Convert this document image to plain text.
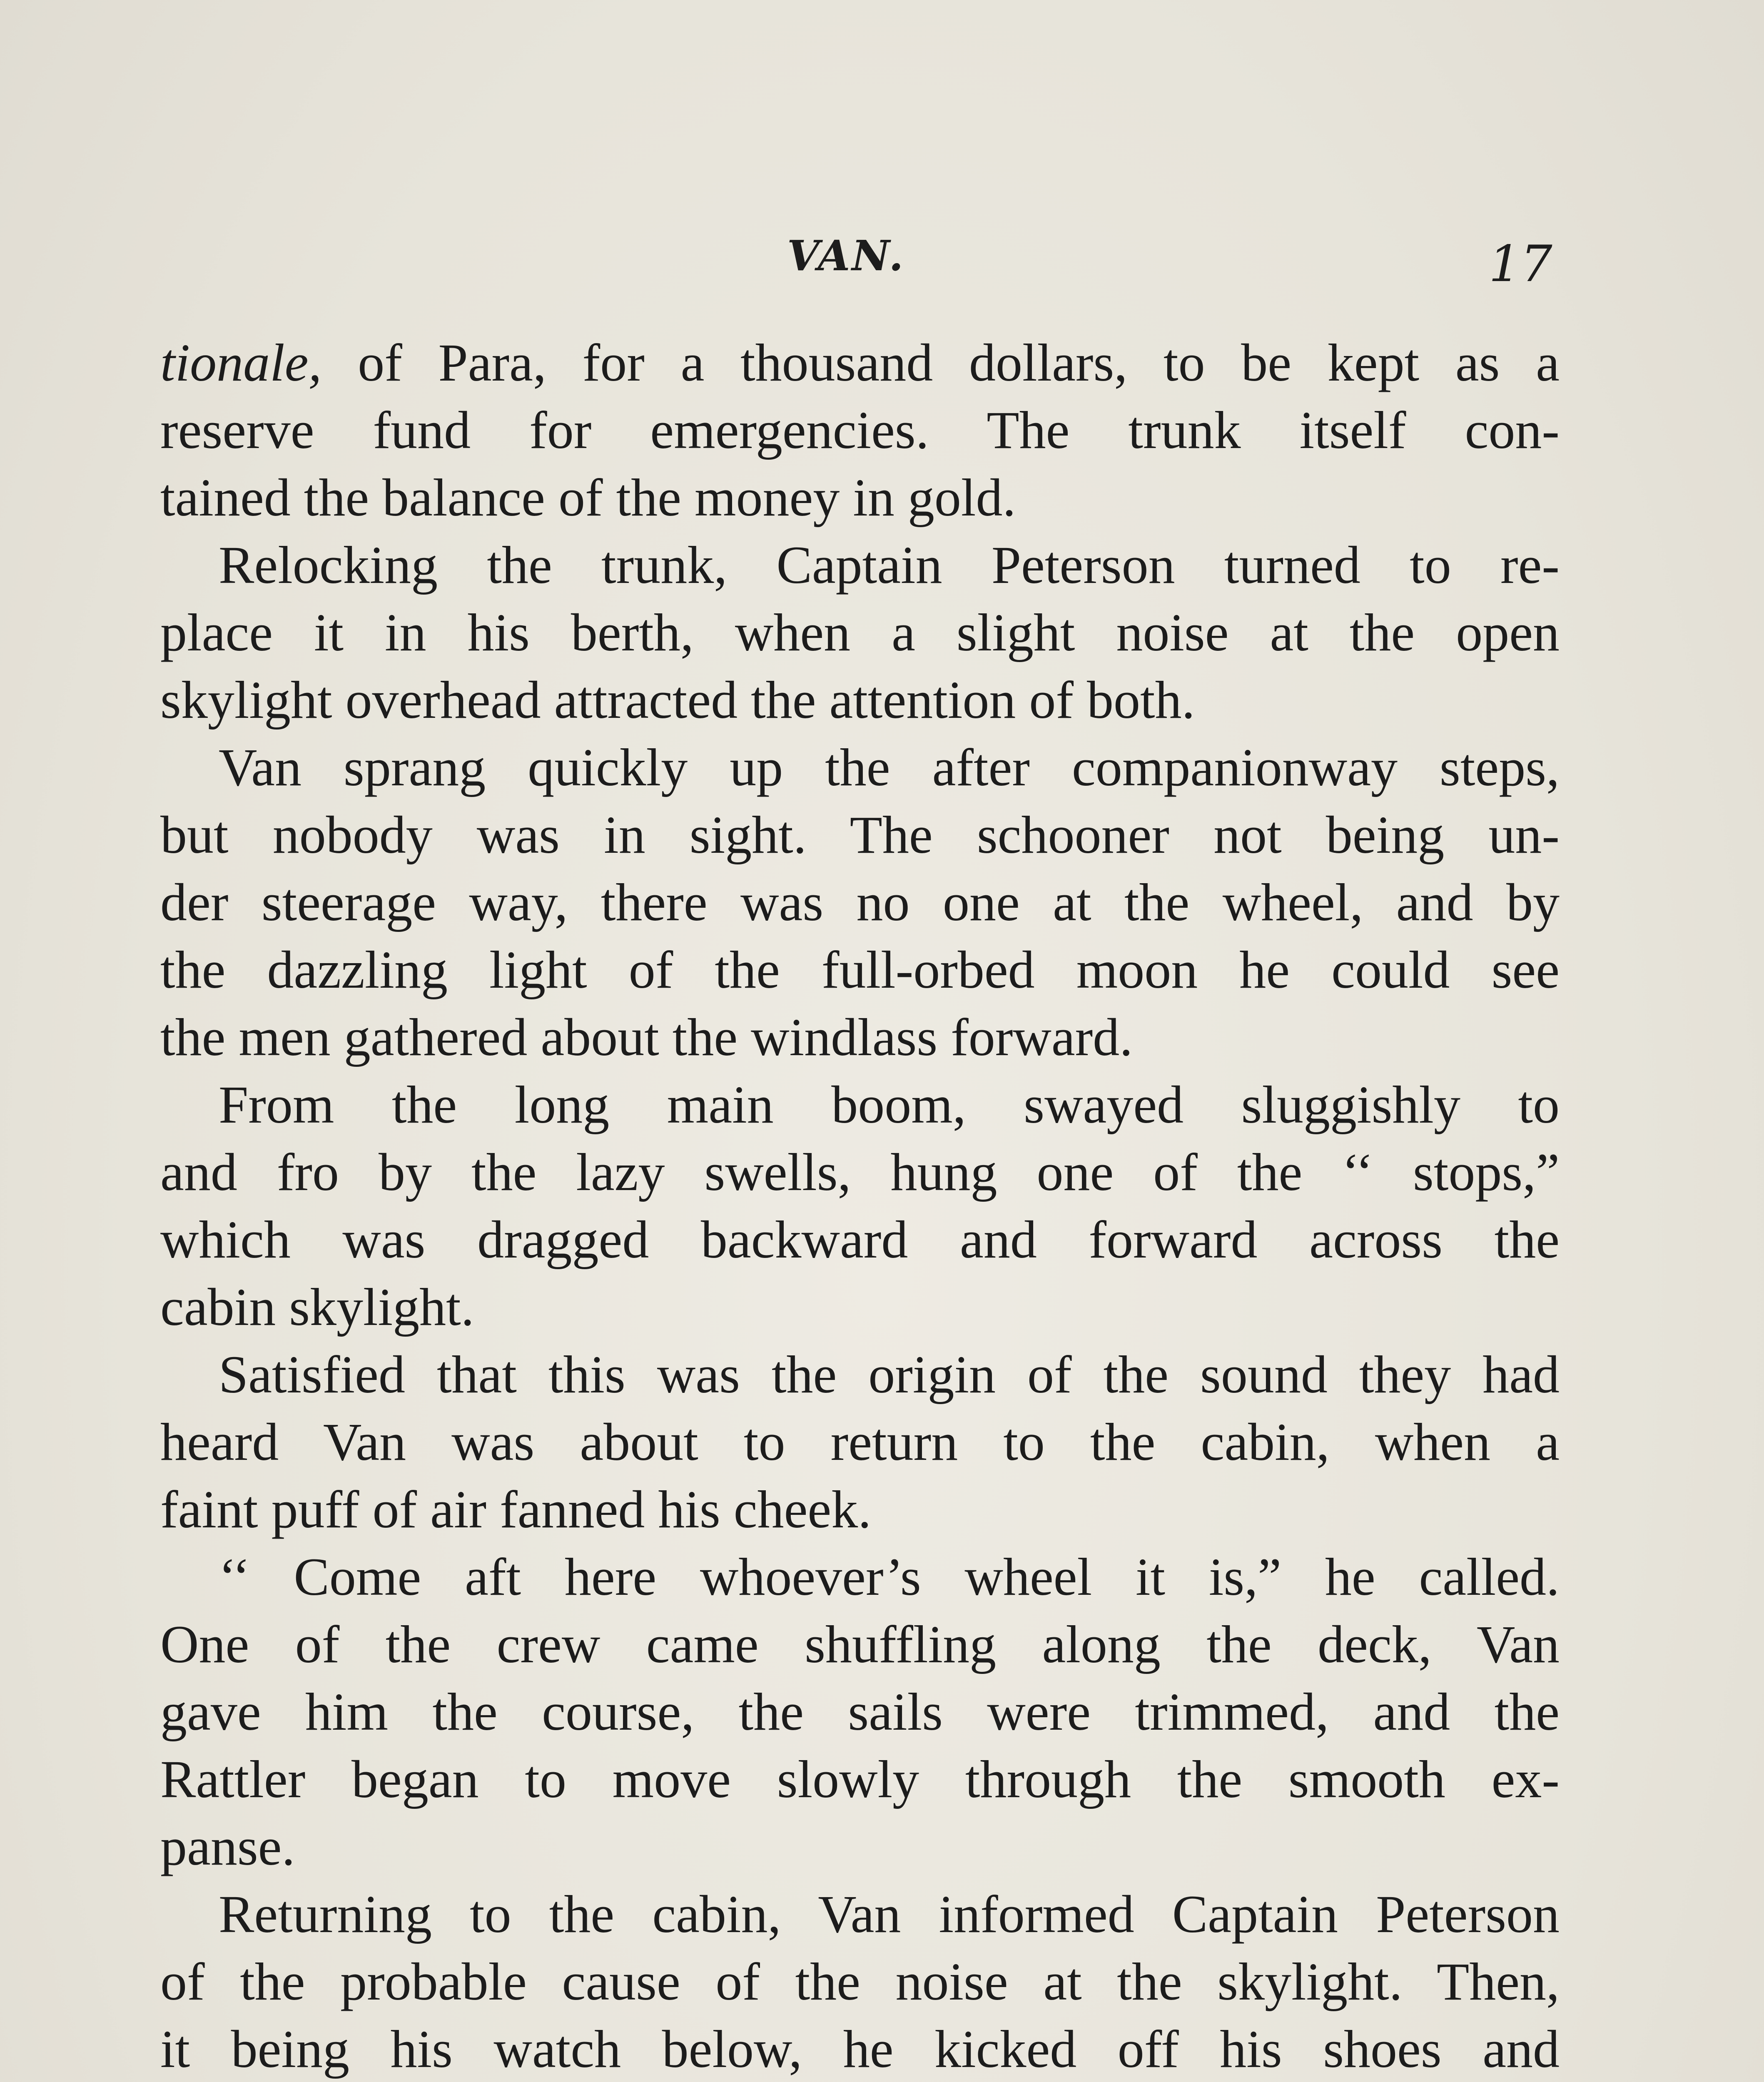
VAN.	17
tionale, of Para, for a thousand dollars, to be kept as a
reserve fund for emergencies. The trunk itself con-
tained the balance of the money in gold.
Relocking the trunk, Captain Peterson turned to re-
place it in his berth, when a slight noise at the open
skylight overhead attracted the attention of both.
Van sprang quickly up the after companionway steps,
but nobody was in sight. The schooner not being un-
der steerage way, there was no one at the wheel, and by
the dazzling light of the full-orbed moon he could see
the men gathered about the windlass forward.
From the long main boom, swayed sluggishly to
and fro by the lazy swells, hung one of the ‘‘ stops,”
which was dragged backward and forward across the
cabin skylight.
Satisfied that this was the origin of the sound they had
heard Van was about to return to the cabin, when a
faint puff of air fanned his cheek.
‘‘ Come aft here whoever’s wheel it is,” he called.
One of the crew came shuffling along the deck, Van
gave him the course, the sails were trimmed, and the
Rattler began to move slowly through the smooth ex-
panse.
Returning to the cabin, Van informed Captain Peterson
of the probable cause of the noise at the skylight. Then,
it being his watch below, he kicked off his shoes and
